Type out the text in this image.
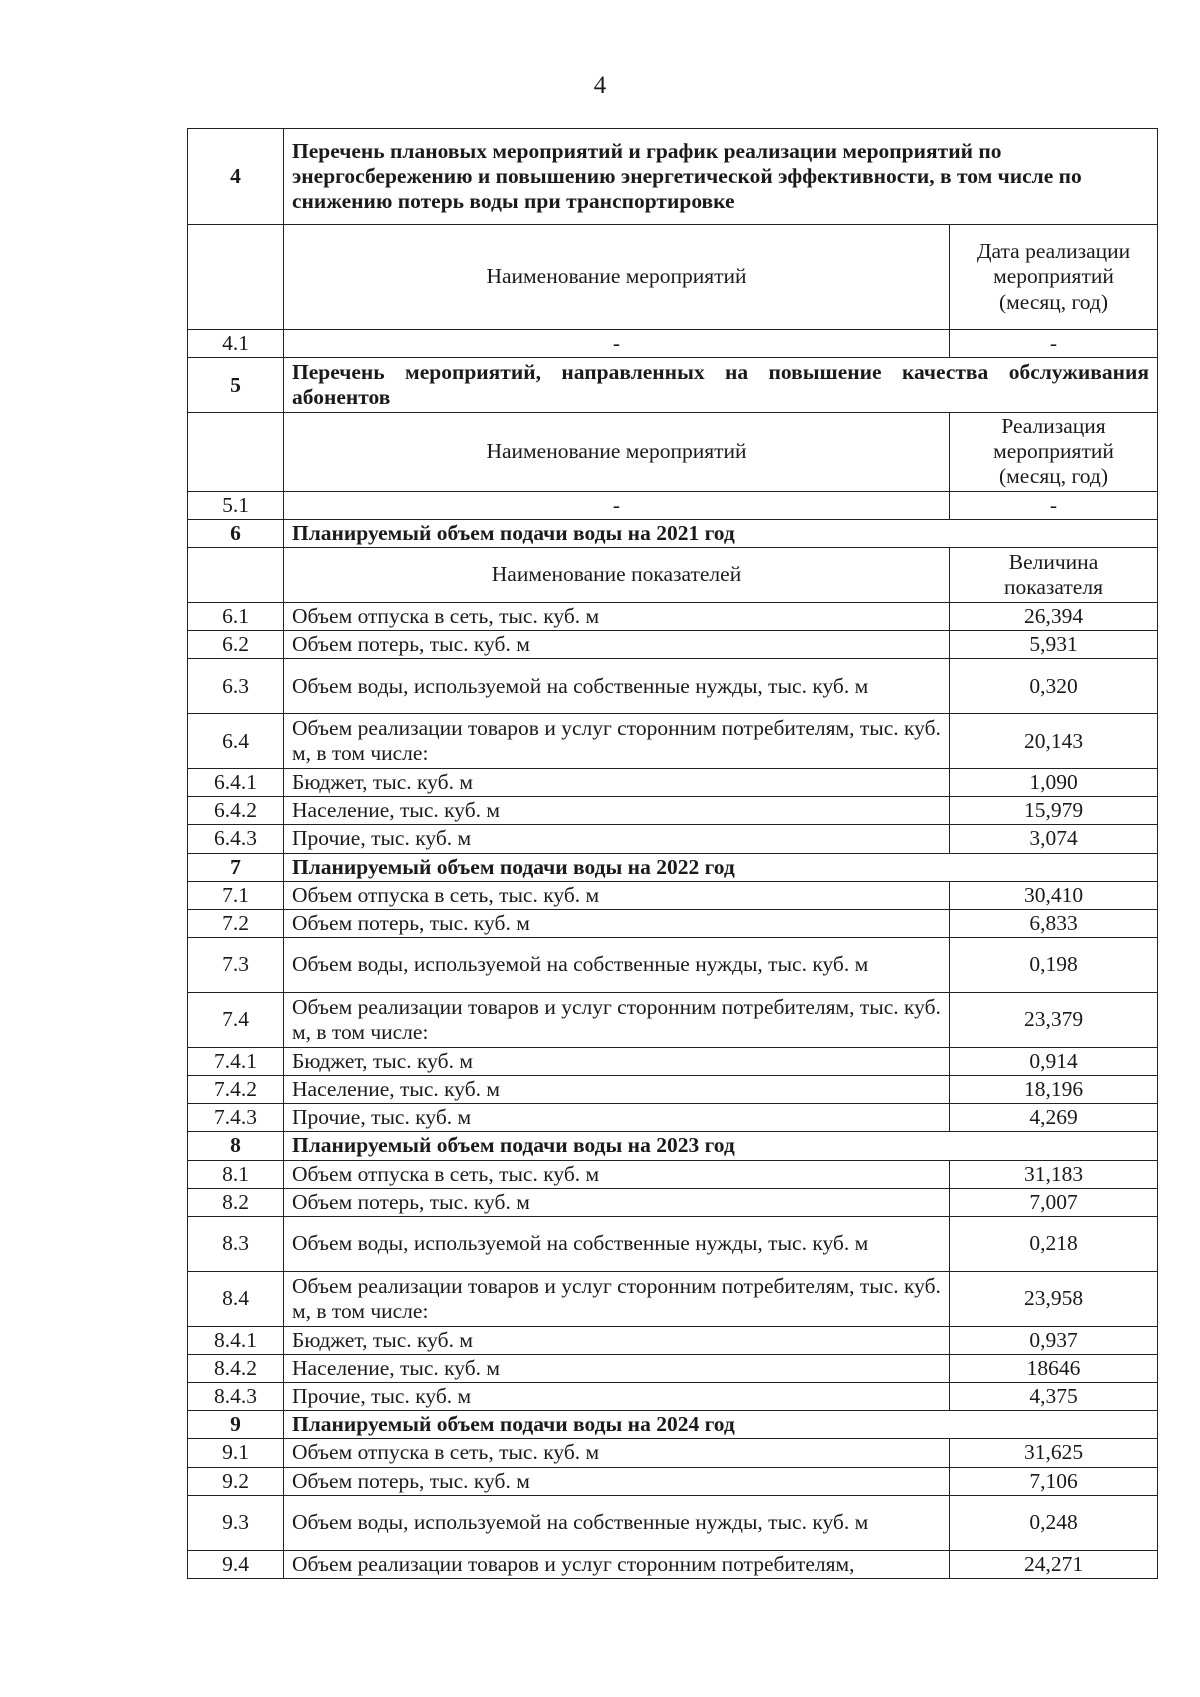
4
4	Перечень плановых мероприятий и график реализации мероприятий по энергосбережению и повышению энергетической эффективности, в том числе по снижению потерь воды при транспортировке	
	Наименование мероприятий	Дата реализации мероприятий (месяц, год)
4.1	-	-
5	Перечень мероприятий, направленных на повышение качества обслуживания абонентов	
	Наименование мероприятий	Реализация мероприятий (месяц, год)
5.1	-	-
6	Планируемый объем подачи воды на 2021 год	
	Наименование показателей	Величина показателя
6.1	Объем отпуска в сеть, тыс. куб. м	26,394
6.2	Объем потерь, тыс. куб. м	5,931
6.3	Объем воды, используемой на собственные нужды, тыс. куб. м	0,320
6.4	Объем реализации товаров и услуг сторонним потребителям, тыс. куб. м, в том числе:	20,143
6.4.1	Бюджет, тыс. куб. м	1,090
6.4.2	Население, тыс. куб. м	15,979
6.4.3	Прочие, тыс. куб. м	3,074
7	Планируемый объем подачи воды на 2022 год	
7.1	Объем отпуска в сеть, тыс. куб. м	30,410
7.2	Объем потерь, тыс. куб. м	6,833
7.3	Объем воды, используемой на собственные нужды, тыс. куб. м	0,198
7.4	Объем реализации товаров и услуг сторонним потребителям, тыс. куб. м, в том числе:	23,379
7.4.1	Бюджет, тыс. куб. м	0,914
7.4.2	Население, тыс. куб. м	18,196
7.4.3	Прочие, тыс. куб. м	4,269
8	Планируемый объем подачи воды на 2023 год	
8.1	Объем отпуска в сеть, тыс. куб. м	31,183
8.2	Объем потерь, тыс. куб. м	7,007
8.3	Объем воды, используемой на собственные нужды, тыс. куб. м	0,218
8.4	Объем реализации товаров и услуг сторонним потребителям, тыс. куб. м, в том числе:	23,958
8.4.1	Бюджет, тыс. куб. м	0,937
8.4.2	Население, тыс. куб. м	18646
8.4.3	Прочие, тыс. куб. м	4,375
9	Планируемый объем подачи воды на 2024 год	
9.1	Объем отпуска в сеть, тыс. куб. м	31,625
9.2	Объем потерь, тыс. куб. м	7,106
9.3	Объем воды, используемой на собственные нужды, тыс. куб. м	0,248
9.4	Объем реализации товаров и услуг сторонним потребителям,	24,271
